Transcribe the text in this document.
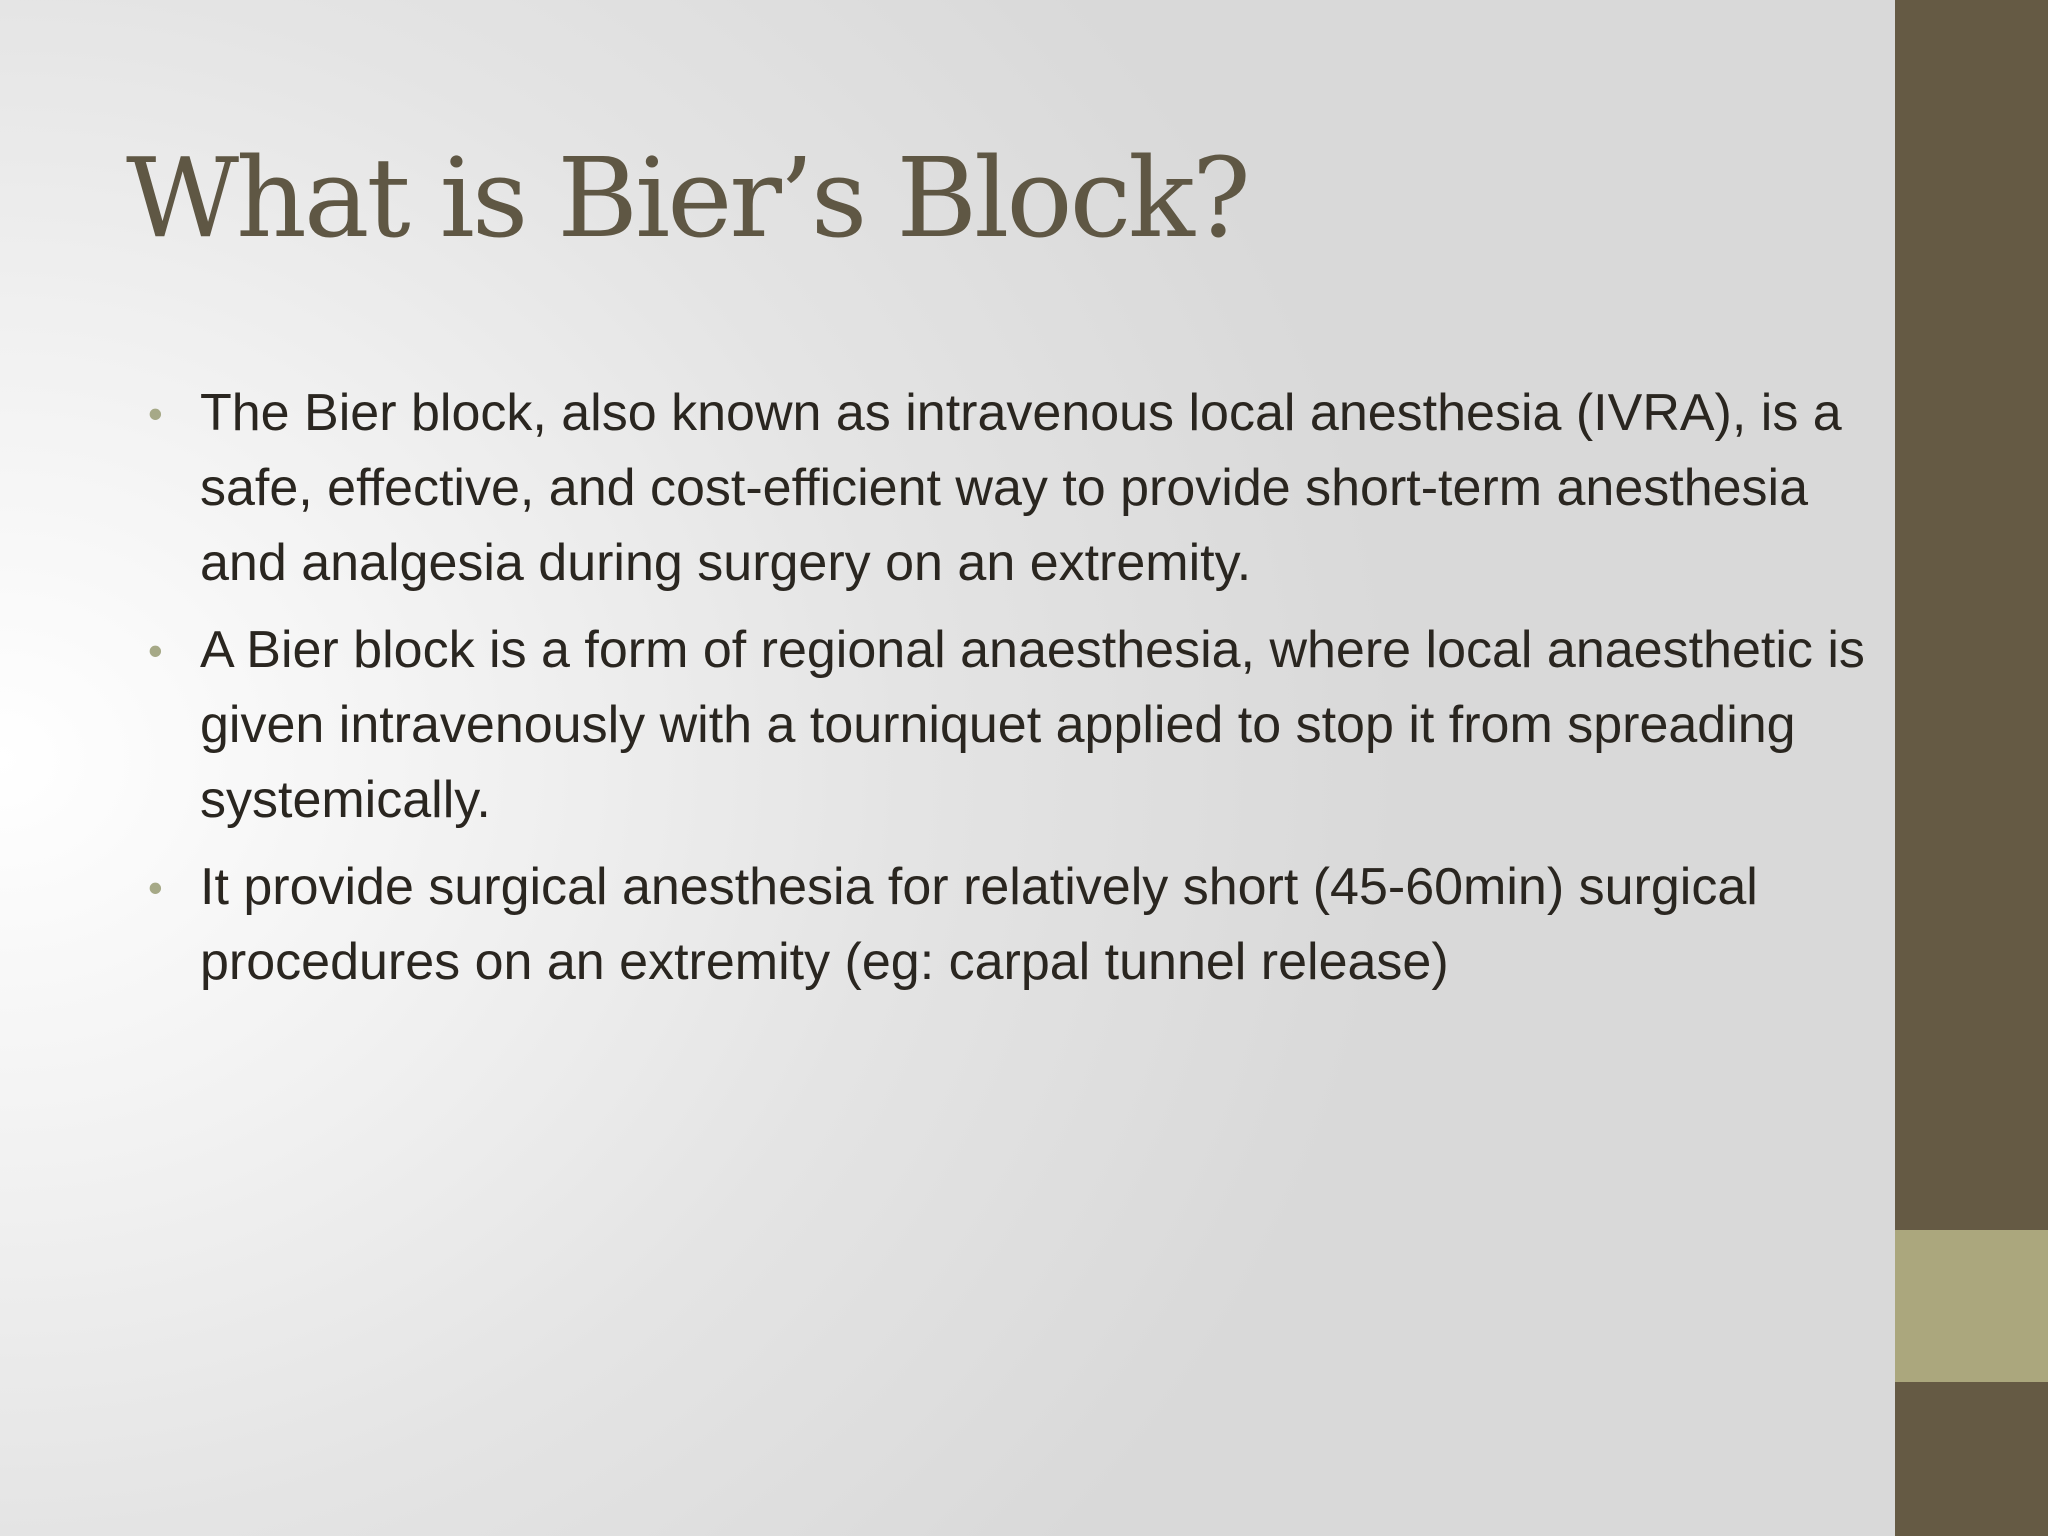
What is Bier’s Block?
• The Bier block, also known as intravenous local anesthesia (IVRA), is a safe, effective, and cost-efficient way to provide short-term anesthesia and analgesia during surgery on an extremity.
• A Bier block is a form of regional anaesthesia, where local anaesthetic is given intravenously with a tourniquet applied to stop it from spreading systemically.
• It provide surgical anesthesia for relatively short (45-60min) surgical procedures on an extremity (eg: carpal tunnel release)
